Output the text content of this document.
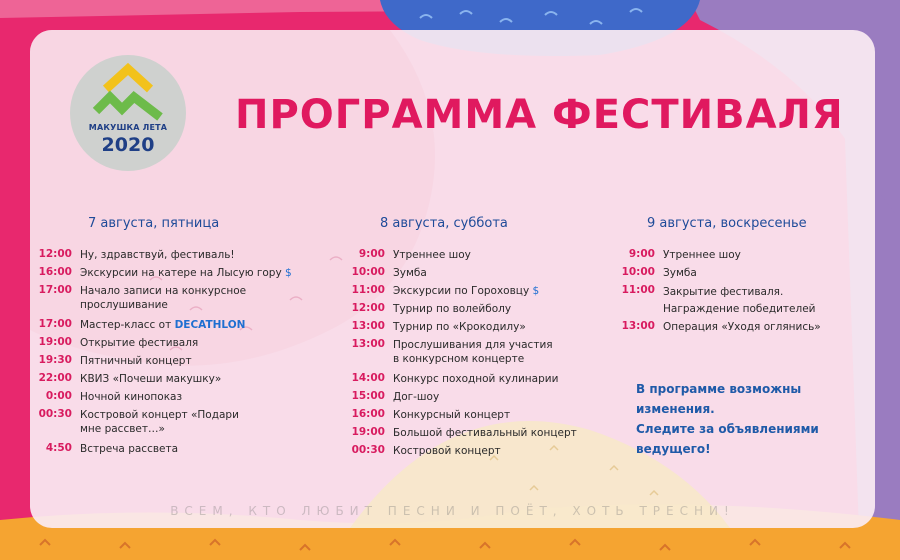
МАКУШКА ЛЕТА
2020
ПРОГРАММА ФЕСТИВАЛЯ
7 августа, пятница
12:00 Ну, здравствуй, фестиваль!
16:00 Экскурсии на катере на Лысую гору $
17:00 Начало записи на конкурсное прослушивание
17:00 Мастер-класс от DECATHLON
19:00 Открытие фестиваля
19:30 Пятничный концерт
22:00 КВИЗ «Почеши макушку»
0:00 Ночной кинопоказ
00:30 Костровой концерт «Подари мне рассвет…»
4:50 Встреча рассвета
8 августа, суббота
9:00 Утреннее шоу
10:00 Зумба
11:00 Экскурсии по Гороховцу $
12:00 Турнир по волейболу
13:00 Турнир по «Крокодилу»
13:00 Прослушивания для участия в конкурсном концерте
14:00 Конкурс походной кулинарии
15:00 Дог-шоу
16:00 Конкурсный концерт
19:00 Большой фестивальный концерт
00:30 Костровой концерт
9 августа, воскресенье
9:00 Утреннее шоу
10:00 Зумба
11:00 Закрытие фестиваля. Награждение победителей
13:00 Операция «Уходя оглянись»
В программе возможны
изменения.
Следите за объявлениями
ведущего!
ВСЕМ, КТО ЛЮБИТ ПЕСНИ И ПОЁТ, ХОТЬ ТРЕСНИ!
